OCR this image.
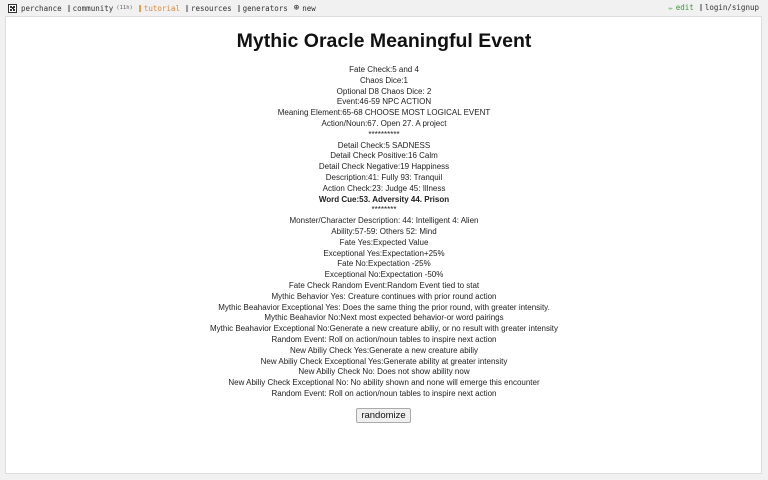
perchance community (11h) tutorial resources generators ⊕ new	✏ edit login/signup
Mythic Oracle Meaningful Event
Fate Check:5 and 4
Chaos Dice:1
Optional D8 Chaos Dice: 2
Event:46-59 NPC ACTION
Meaning Element:65-68 CHOOSE MOST LOGICAL EVENT
Action/Noun:67. Open 27. A project
**********
Detail Check:5 SADNESS
Detail Check Positive:16 Calm
Detail Check Negative:19 Happiness
Description:41: Fully 93: Tranquil
Action Check:23: Judge 45: Illness
Word Cue:53. Adversity 44. Prison
********
Monster/Character Description: 44: Intelligent 4: Alien
Ability:57-59: Others 52: Mind
Fate Yes:Expected Value
Exceptional Yes:Expectation+25%
Fate No:Expectation -25%
Exceptional No:Expectation -50%
Fate Check Random Event:Random Event tied to stat
Mythic Behavior Yes: Creature continues with prior round action
Mythic Beahavior Exceptional Yes: Does the same thing the prior round, with greater intensity.
Mythic Beahavior No:Next most expected behavior-or word pairings
Mythic Beahavior Exceptional No:Generate a new creature abiliy, or no result with greater intensity
Random Event: Roll on action/noun tables to inspire next action
New Abiliy Check Yes:Generate a new creature abiliy
New Abiliy Check Exceptional Yes:Generate ability at greater intensity
New Abiliy Check No: Does not show ability now
New Abiliy Check Exceptional No: No ability shown and none will emerge this encounter
Random Event: Roll on action/noun tables to inspire next action
randomize
